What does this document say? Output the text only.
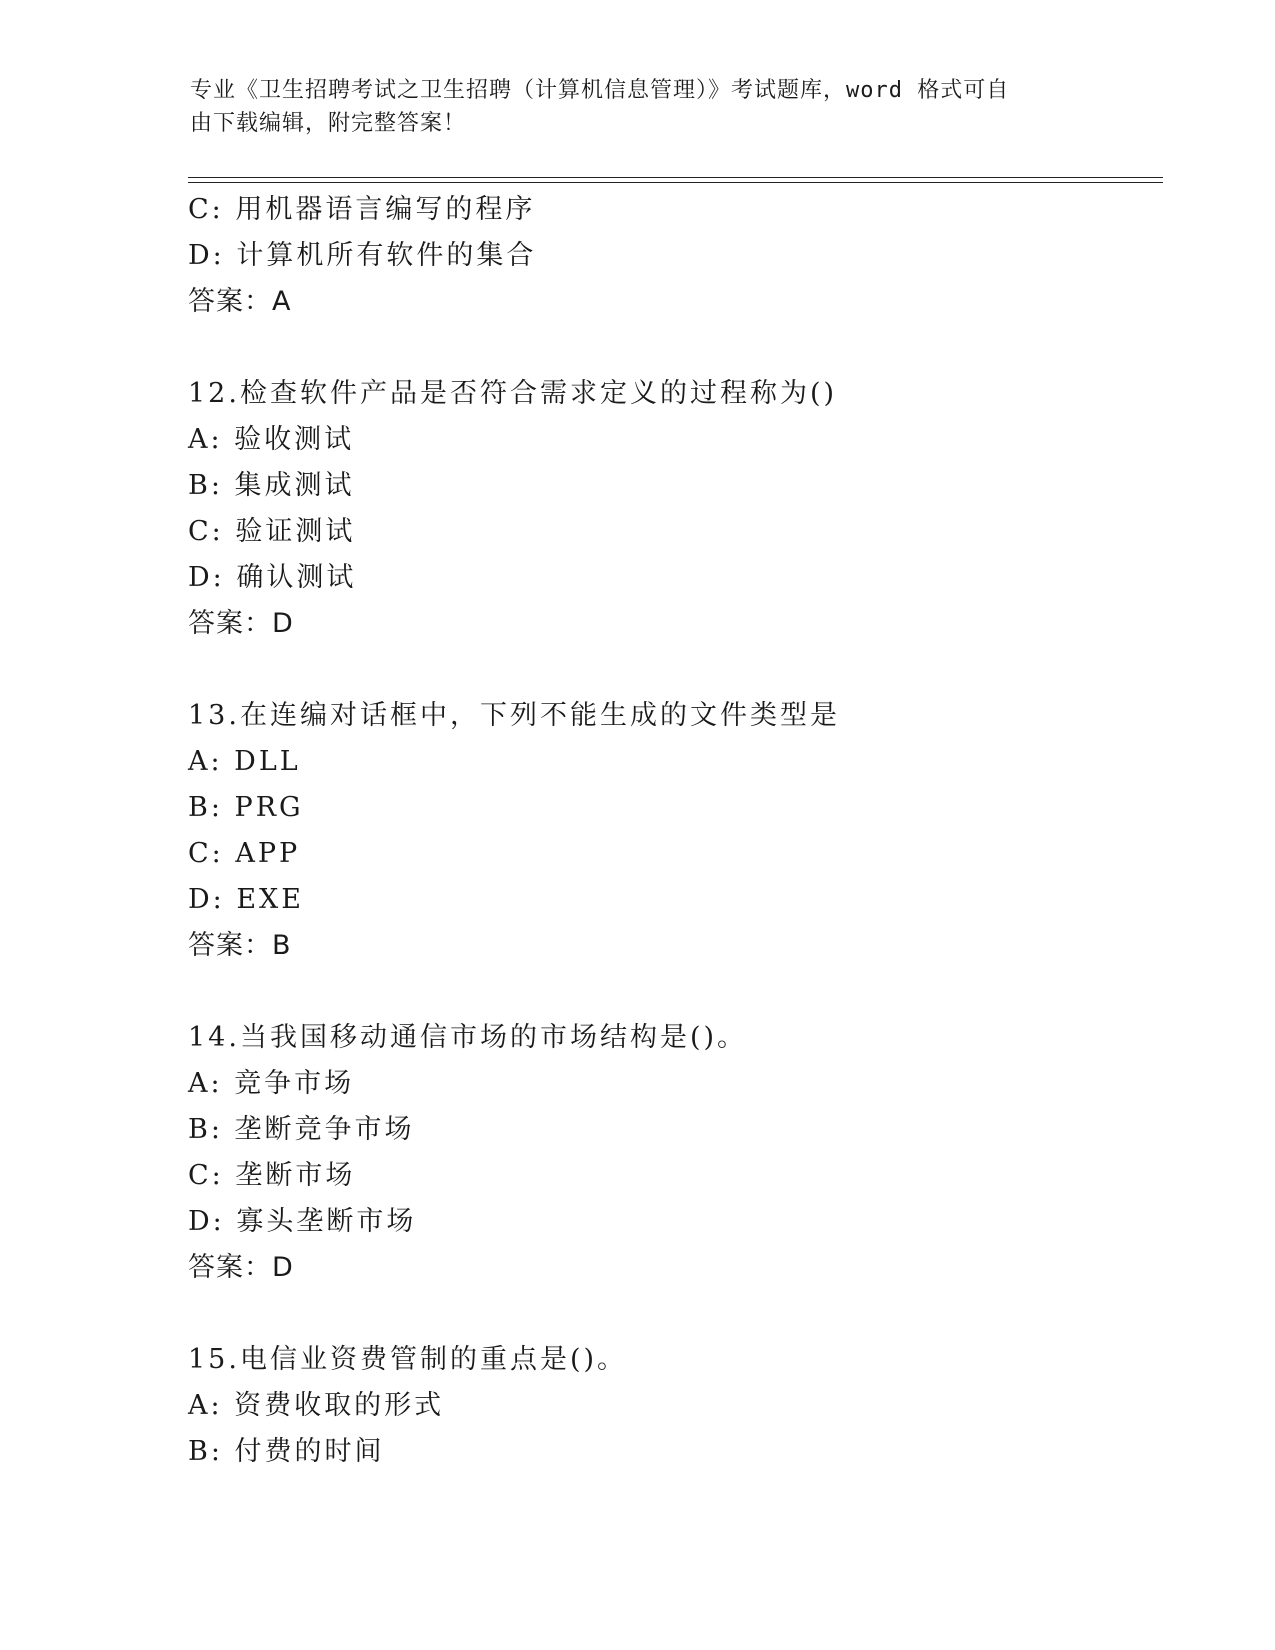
专业《卫生招聘考试之卫生招聘（计算机信息管理）》考试题库，word 格式可自
由下载编辑，附完整答案！
C: 用机器语言编写的程序
D: 计算机所有软件的集合
答案：A
12.检查软件产品是否符合需求定义的过程称为()
A: 验收测试
B: 集成测试
C: 验证测试
D: 确认测试
答案：D
13.在连编对话框中，下列不能生成的文件类型是
A: DLL
B: PRG
C: APP
D: EXE
答案：B
14.当我国移动通信市场的市场结构是()。
A: 竞争市场
B: 垄断竞争市场
C: 垄断市场
D: 寡头垄断市场
答案：D
15.电信业资费管制的重点是()。
A: 资费收取的形式
B: 付费的时间
